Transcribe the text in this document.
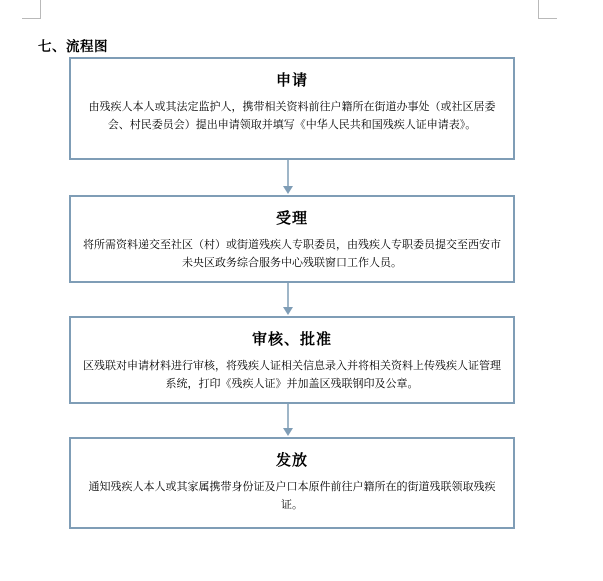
七、流程图
申请
由残疾人本人或其法定监护人，携带相关资料前往户籍所在街道办事处（或社区居委会、村民委员会）提出申请领取并填写《中华人民共和国残疾人证申请表》。
受理
将所需资料递交至社区（村）或街道残疾人专职委员，由残疾人专职委员提交至西安市未央区政务综合服务中心残联窗口工作人员。
审核、批准
区残联对申请材料进行审核，将残疾人证相关信息录入并将相关资料上传残疾人证管理系统，打印《残疾人证》并加盖区残联钢印及公章。
发放
通知残疾人本人或其家属携带身份证及户口本原件前往户籍所在的街道残联领取残疾证。
